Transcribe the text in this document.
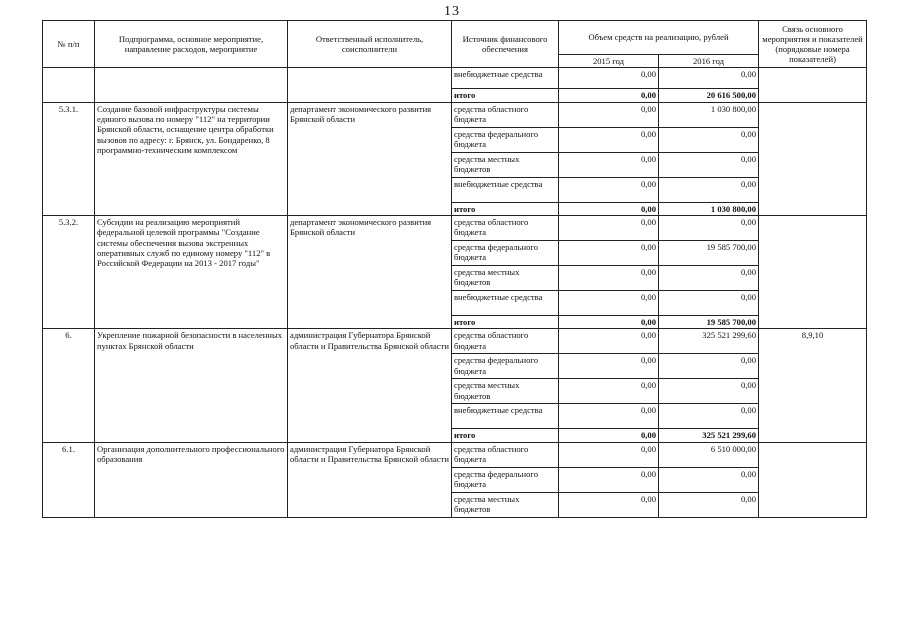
13
№ п/п	Подпрограмма, основное мероприятие, направление расходов, мероприятие	Ответственный исполнитель, соисполнители	Источник финансового обеспечения	Объем средств на реализацию, рублей		Связь основного мероприятия и показателей (порядковые номера показателей)
				2015 год	2016 год	
			внебюджетные средства	0,00	0,00	
			итого	0,00	20 616 500,00	
5.3.1.	Создание базовой инфраструктуры системы единого вызова по номеру "112" на территории Брянской области, оснащение центра обработки вызовов по адресу: г. Брянск, ул. Бондаренко, 8 программно-техническим комплексом	департамент экономического развития Брянской области	средства областного бюджета	0,00	1 030 800,00	
			средства федерального бюджета	0,00	0,00	
			средства местных бюджетов	0,00	0,00	
			внебюджетные средства	0,00	0,00	
			итого	0,00	1 030 800,00	
5.3.2.	Субсидии на реализацию мероприятий федеральной целевой программы "Создание системы обеспечения вызова экстренных оперативных служб по единому номеру "112" в Российской Федерации на 2013 - 2017 годы"	департамент экономического развития Брянской области	средства областного бюджета	0,00	0,00	
			средства федерального бюджета	0,00	19 585 700,00	
			средства местных бюджетов	0,00	0,00	
			внебюджетные средства	0,00	0,00	
			итого	0,00	19 585 700,00	
6.	Укрепление пожарной безопасности в населенных пунктах Брянской области	администрация Губернатора Брянской области и Правительства Брянской области	средства областного бюджета	0,00	325 521 299,60	8,9,10
			средства федерального бюджета	0,00	0,00	
			средства местных бюджетов	0,00	0,00	
			внебюджетные средства	0,00	0,00	
			итого	0,00	325 521 299,60	
6.1.	Организация дополнительного профессионального образования	администрация Губернатора Брянской области и Правительства Брянской области	средства областного бюджета	0,00	6 510 000,00	
			средства федерального бюджета	0,00	0,00	
			средства местных бюджетов	0,00	0,00	
